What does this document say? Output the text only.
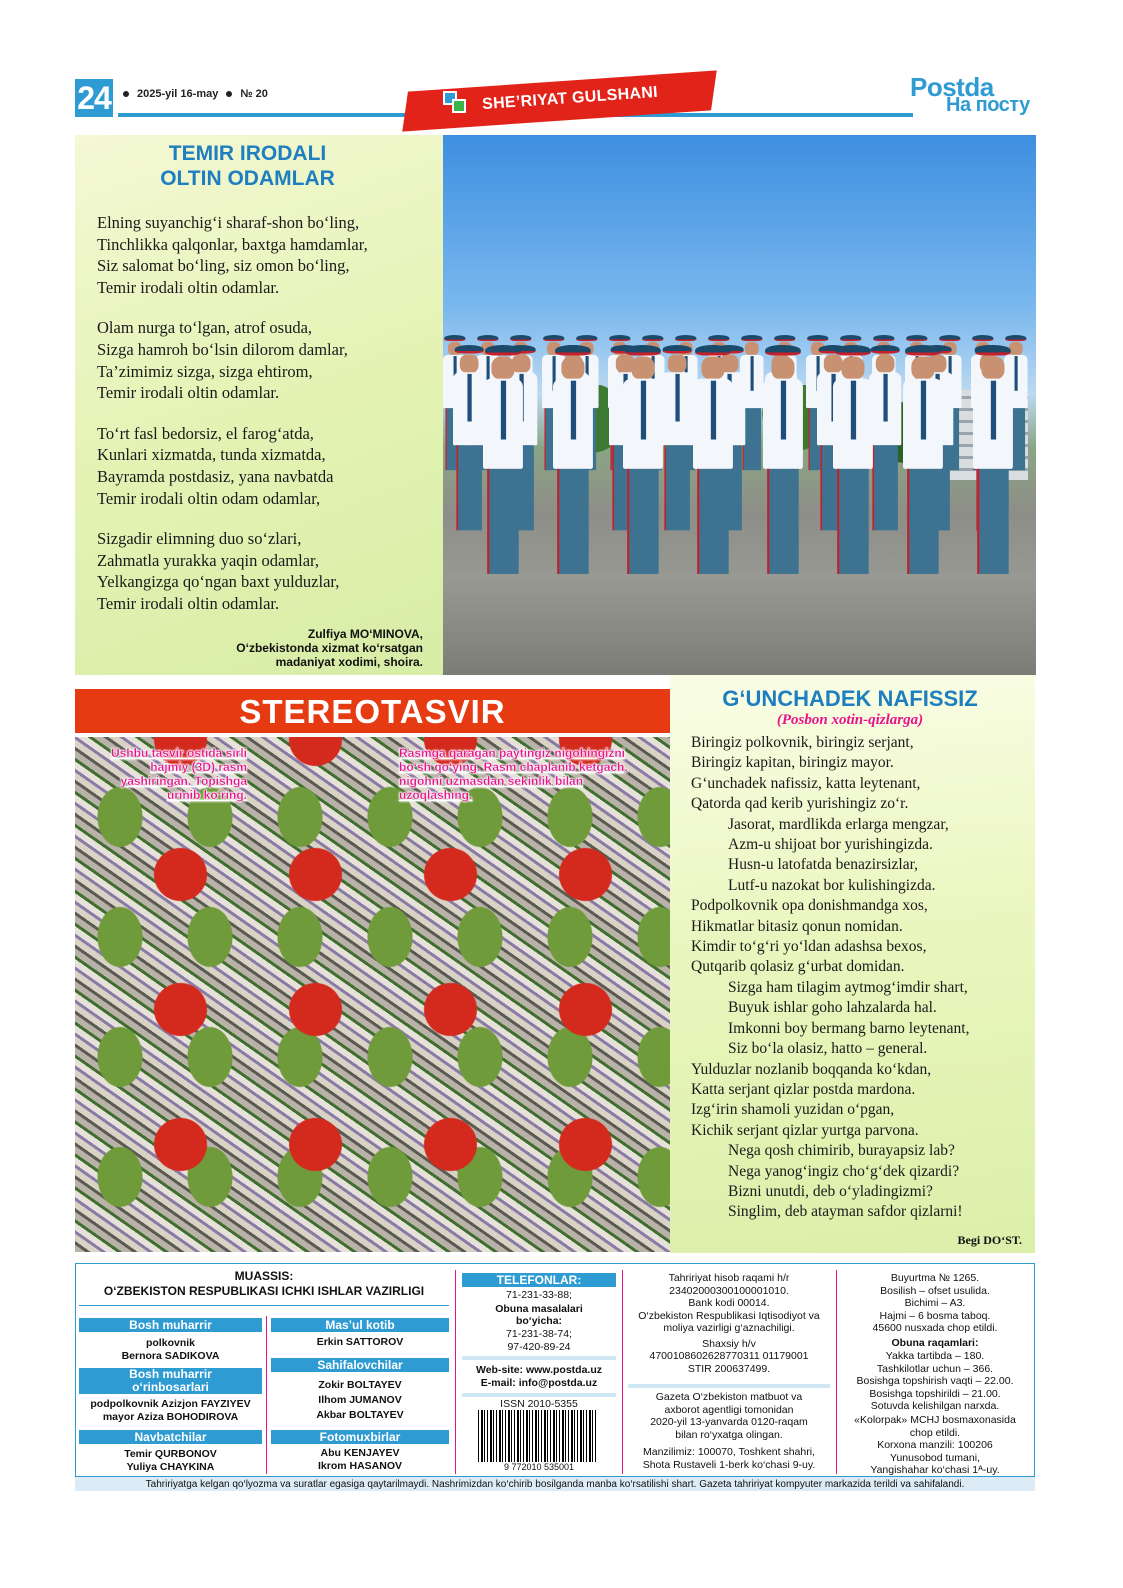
24 2025-yil 16-may № 20	SHE’RIYAT GULSHANI	Postda
На посту
TEMIR IRODALI
OLTIN ODAMLAR
Elning suyanchig‘i sharaf-shon bo‘ling,
Tinchlikka qalqonlar, baxtga hamdamlar,
Siz salomat bo‘ling, siz omon bo‘ling,
Temir irodali oltin odamlar.
Olam nurga to‘lgan, atrof osuda,
Sizga hamroh bo‘lsin dilorom damlar,
Ta’zimimiz sizga, sizga ehtirom,
Temir irodali oltin odamlar.
To‘rt fasl bedorsiz, el farog‘atda,
Kunlari xizmatda, tunda xizmatda,
Bayramda postdasiz, yana navbatda
Temir irodali oltin odam odamlar,
Sizgadir elimning duo so‘zlari,
Zahmatla yurakka yaqin odamlar,
Yelkangizga qo‘ngan baxt yulduzlar,
Temir irodali oltin odamlar.
Zulfiya MO‘MINOVA,
O‘zbekistonda xizmat ko‘rsatgan
madaniyat xodimi, shoira.
STEREOTASVIR
Ushbu tasvir ostida sirli hajmiy (3D) rasm yashiringan. Topishga urinib ko‘ring.
Rasmga qaragan paytingiz nigohingizni bo‘sh qo‘ying. Rasm chaplanib ketgach, nigohni uzmasdan sekinlik bilan uzoqlashing.
G‘UNCHADEK NAFISSIZ
(Posbon xotin-qizlarga)
Biringiz polkovnik, biringiz serjant,
Biringiz kapitan, biringiz mayor.
G‘unchadek nafissiz, katta leytenant,
Qatorda qad kerib yurishingiz zo‘r.
Jasorat, mardlikda erlarga mengzar,
Azm-u shijoat bor yurishingizda.
Husn-u latofatda benazirsizlar,
Lutf-u nazokat bor kulishingizda.
Podpolkovnik opa donishmandga xos,
Hikmatlar bitasiz qonun nomidan.
Kimdir to‘g‘ri yo‘ldan adashsa bexos,
Qutqarib qolasiz g‘urbat domidan.
Sizga ham tilagim aytmog‘imdir shart,
Buyuk ishlar goho lahzalarda hal.
Imkonni boy bermang barno leytenant,
Siz bo‘la olasiz, hatto – general.
Yulduzlar nozlanib boqqanda ko‘kdan,
Katta serjant qizlar postda mardona.
Izg‘irin shamoli yuzidan o‘pgan,
Kichik serjant qizlar yurtga parvona.
Nega qosh chimirib, burayapsiz lab?
Nega yanog‘ingiz cho‘g‘dek qizardi?
Bizni unutdi, deb o‘yladingizmi?
Singlim, deb atayman safdor qizlarni!
Begi DO‘ST.
MUASSIS:
O‘ZBEKISTON RESPUBLIKASI ICHKI ISHLAR VAZIRLIGI
Bosh muharrir
polkovnik
Bernora SADIKOVA
Bosh muharrir
o‘rinbosarlari
podpolkovnik Azizjon FAYZIYEV
mayor Aziza BOHODIROVA
Navbatchilar
Temir QURBONOV
Yuliya CHAYKINA
Mas’ul kotib
Erkin SATTOROV
Sahifalovchilar
Zokir BOLTAYEV
Ilhom JUMANOV
Akbar BOLTAYEV
Fotomuxbirlar
Abu KENJAYEV
Ikrom HASANOV
TELEFONLAR:
71-231-33-88;
Obuna masalalari
bo‘yicha:
71-231-38-74;
97-420-89-24
Web-site: www.postda.uz
E-mail: info@postda.uz
ISSN 2010-5355
9 772010 535001
Tahririyat hisob raqami h/r
23402000300100001010.
Bank kodi 00014.
O‘zbekiston Respublikasi Iqtisodiyot va
moliya vazirligi g‘aznachiligi.
Shaxsiy h/v
4700108602628770311 01179001
STIR 200637499.
Gazeta O‘zbekiston matbuot va
axborot agentligi tomonidan
2020-yil 13-yanvarda 0120-raqam
bilan ro‘yxatga olingan.
Manzilimiz: 100070, Toshkent shahri,
Shota Rustaveli 1-berk ko‘chasi 9-uy.
Buyurtma № 1265.
Bosilish – ofset usulida.
Bichimi – A3.
Hajmi – 6 bosma taboq.
45600 nusxada chop etildi.
Obuna raqamlari:
Yakka tartibda – 180.
Tashkilotlar uchun – 366.
Bosishga topshirish vaqti – 22.00.
Bosishga topshirildi – 21.00.
Sotuvda kelishilgan narxda.
«Kolorpak» MCHJ bosmaxonasida
chop etildi.
Korxona manzili: 100206
Yunusobod tumani,
Yangishahar ko‘chasi 1ᴬ-uy.
Tahririyatga kelgan qo‘lyozma va suratlar egasiga qaytarilmaydi. Nashrimizdan ko‘chirib bosilganda manba ko‘rsatilishi shart. Gazeta tahririyat kompyuter markazida terildi va sahifalandi.
